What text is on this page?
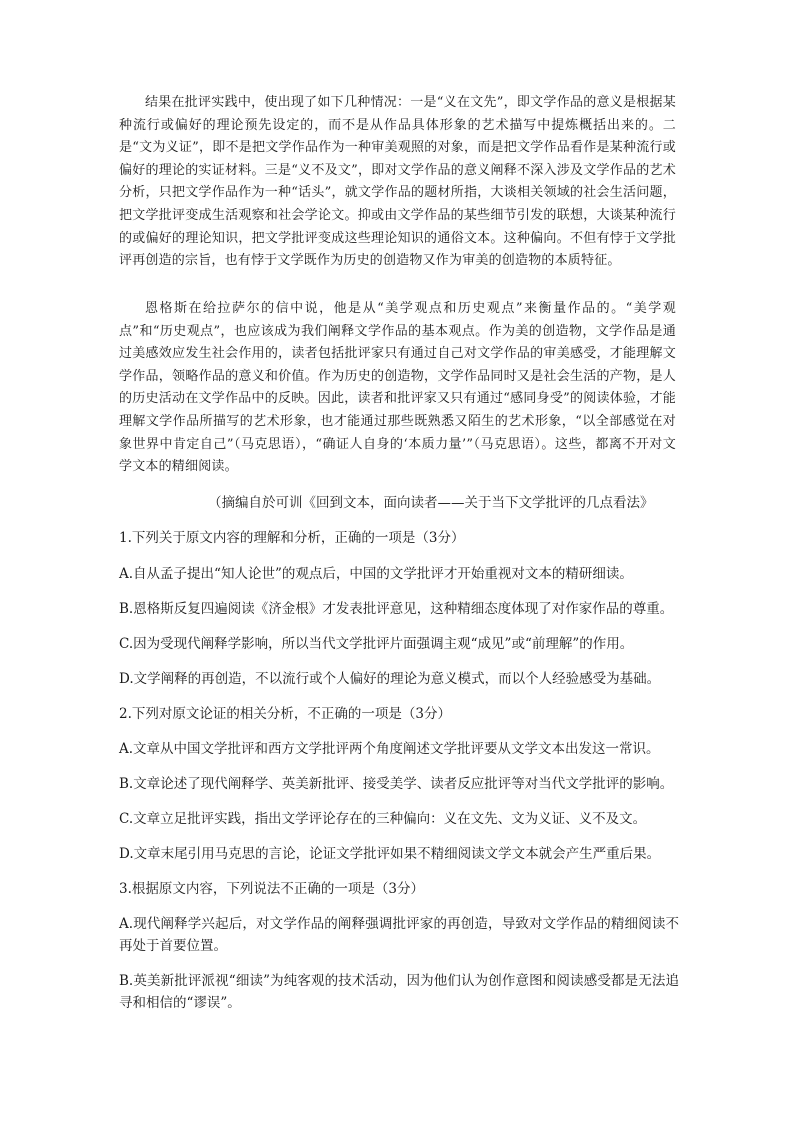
结果在批评实践中，使出现了如下几种情况：一是“义在文先”，即文学作品的意义是根据某种流行或偏好的理论预先设定的，而不是从作品具体形象的艺术描写中提炼概括出来的。二是“文为义证”，即不是把文学作品作为一种审美观照的对象，而是把文学作品看作是某种流行或偏好的理论的实证材料。三是“义不及文”，即对文学作品的意义阐释不深入涉及文学作品的艺术分析，只把文学作品作为一种“话头”，就文学作品的题材所指，大谈相关领域的社会生活问题，把文学批评变成生活观察和社会学论文。抑或由文学作品的某些细节引发的联想，大谈某种流行的或偏好的理论知识，把文学批评变成这些理论知识的通俗文本。这种偏向。不但有悖于文学批评再创造的宗旨，也有悖于文学既作为历史的创造物又作为审美的创造物的本质特征。

恩格斯在给拉萨尔的信中说，他是从“美学观点和历史观点”来衡量作品的。“美学观点”和“历史观点”，也应该成为我们阐释文学作品的基本观点。作为美的创造物，文学作品是通过美感效应发生社会作用的，读者包括批评家只有通过自己对文学作品的审美感受，才能理解文学作品，领略作品的意义和价值。作为历史的创造物，文学作品同时又是社会生活的产物，是人的历史活动在文学作品中的反映。因此，读者和批评家又只有通过“感同身受”的阅读体验，才能理解文学作品所描写的艺术形象，也才能通过那些既熟悉又陌生的艺术形象，“以全部感觉在对象世界中肯定自己”（马克思语），“确证人自身的‘本质力量’”（马克思语）。这些，都离不开对文学文本的精细阅读。

（摘编自於可训《回到文本，面向读者——关于当下文学批评的几点看法》

1.下列关于原文内容的理解和分析，正确的一项是（3分）

A.自从孟子提出“知人论世”的观点后，中国的文学批评才开始重视对文本的精研细读。

B.恩格斯反复四遍阅读《济金根》才发表批评意见，这种精细态度体现了对作家作品的尊重。

C.因为受现代阐释学影响，所以当代文学批评片面强调主观“成见”或“前理解”的作用。

D.文学阐释的再创造，不以流行或个人偏好的理论为意义模式，而以个人经验感受为基础。

2.下列对原文论证的相关分析，不正确的一项是（3分）

A.文章从中国文学批评和西方文学批评两个角度阐述文学批评要从文学文本出发这一常识。

B.文章论述了现代阐释学、英美新批评、接受美学、读者反应批评等对当代文学批评的影响。

C.文章立足批评实践，指出文学评论存在的三种偏向：义在文先、文为义证、义不及文。

D.文章末尾引用马克思的言论，论证文学批评如果不精细阅读文学文本就会产生严重后果。

3.根据原文内容，下列说法不正确的一项是（3分）

A.现代阐释学兴起后，对文学作品的阐释强调批评家的再创造，导致对文学作品的精细阅读不再处于首要位置。

B.英美新批评派视“细读”为纯客观的技术活动，因为他们认为创作意图和阅读感受都是无法追寻和相信的“谬误”。
